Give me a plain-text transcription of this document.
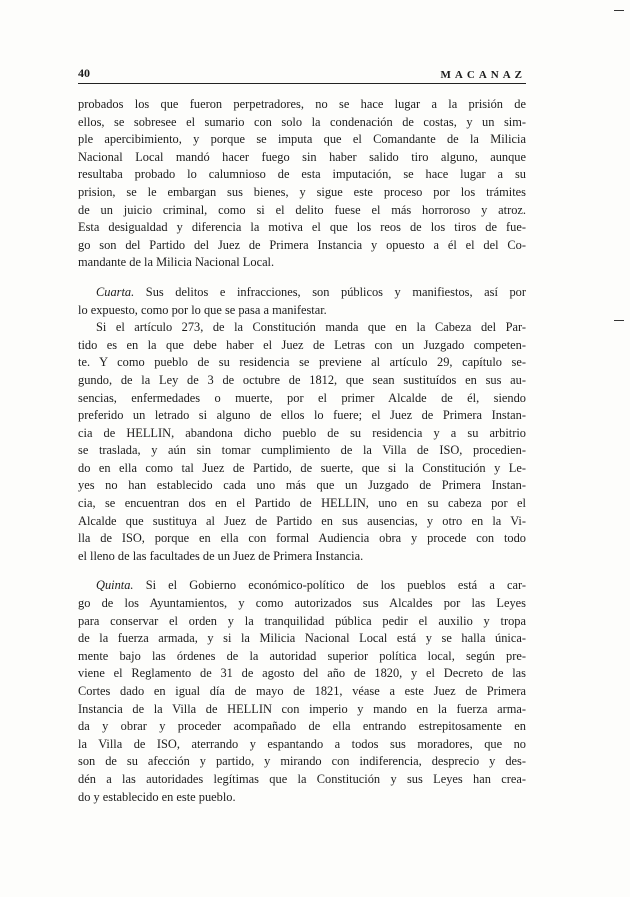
40	MACANAZ
probados los que fueron perpetradores, no se hace lugar a la prisión de
ellos, se sobresee el sumario con solo la condenación de costas, y un sim-
ple apercibimiento, y porque se imputa que el Comandante de la Milicia
Nacional Local mandó hacer fuego sin haber salido tiro alguno, aunque
resultaba probado lo calumnioso de esta imputación, se hace lugar a su
prision, se le embargan sus bienes, y sigue este proceso por los trámites
de un juicio criminal, como si el delito fuese el más horroroso y atroz.
Esta desigualdad y diferencia la motiva el que los reos de los tiros de fue-
go son del Partido del Juez de Primera Instancia y opuesto a él el del Co-
mandante de la Milicia Nacional Local.
Cuarta. Sus delitos e infracciones, son públicos y manifiestos, así por
lo expuesto, como por lo que se pasa a manifestar.
Si el artículo 273, de la Constitución manda que en la Cabeza del Par-
tido es en la que debe haber el Juez de Letras con un Juzgado competen-
te. Y como pueblo de su residencia se previene al artículo 29, capítulo se-
gundo, de la Ley de 3 de octubre de 1812, que sean sustituídos en sus au-
sencias, enfermedades o muerte, por el primer Alcalde de él, siendo
preferido un letrado si alguno de ellos lo fuere; el Juez de Primera Instan-
cia de HELLIN, abandona dicho pueblo de su residencia y a su arbitrio
se traslada, y aún sin tomar cumplimiento de la Villa de ISO, procedien-
do en ella como tal Juez de Partido, de suerte, que si la Constitución y Le-
yes no han establecido cada uno más que un Juzgado de Primera Instan-
cia, se encuentran dos en el Partido de HELLIN, uno en su cabeza por el
Alcalde que sustituya al Juez de Partido en sus ausencias, y otro en la Vi-
lla de ISO, porque en ella con formal Audiencia obra y procede con todo
el lleno de las facultades de un Juez de Primera Instancia.
Quinta. Si el Gobierno económico-político de los pueblos está a car-
go de los Ayuntamientos, y como autorizados sus Alcaldes por las Leyes
para conservar el orden y la tranquilidad pública pedir el auxilio y tropa
de la fuerza armada, y si la Milicia Nacional Local está y se halla única-
mente bajo las órdenes de la autoridad superior política local, según pre-
viene el Reglamento de 31 de agosto del año de 1820, y el Decreto de las
Cortes dado en igual día de mayo de 1821, véase a este Juez de Primera
Instancia de la Villa de HELLIN con imperio y mando en la fuerza arma-
da y obrar y proceder acompañado de ella entrando estrepitosamente en
la Villa de ISO, aterrando y espantando a todos sus moradores, que no
son de su afección y partido, y mirando con indiferencia, desprecio y des-
dén a las autoridades legítimas que la Constitución y sus Leyes han crea-
do y establecido en este pueblo.
